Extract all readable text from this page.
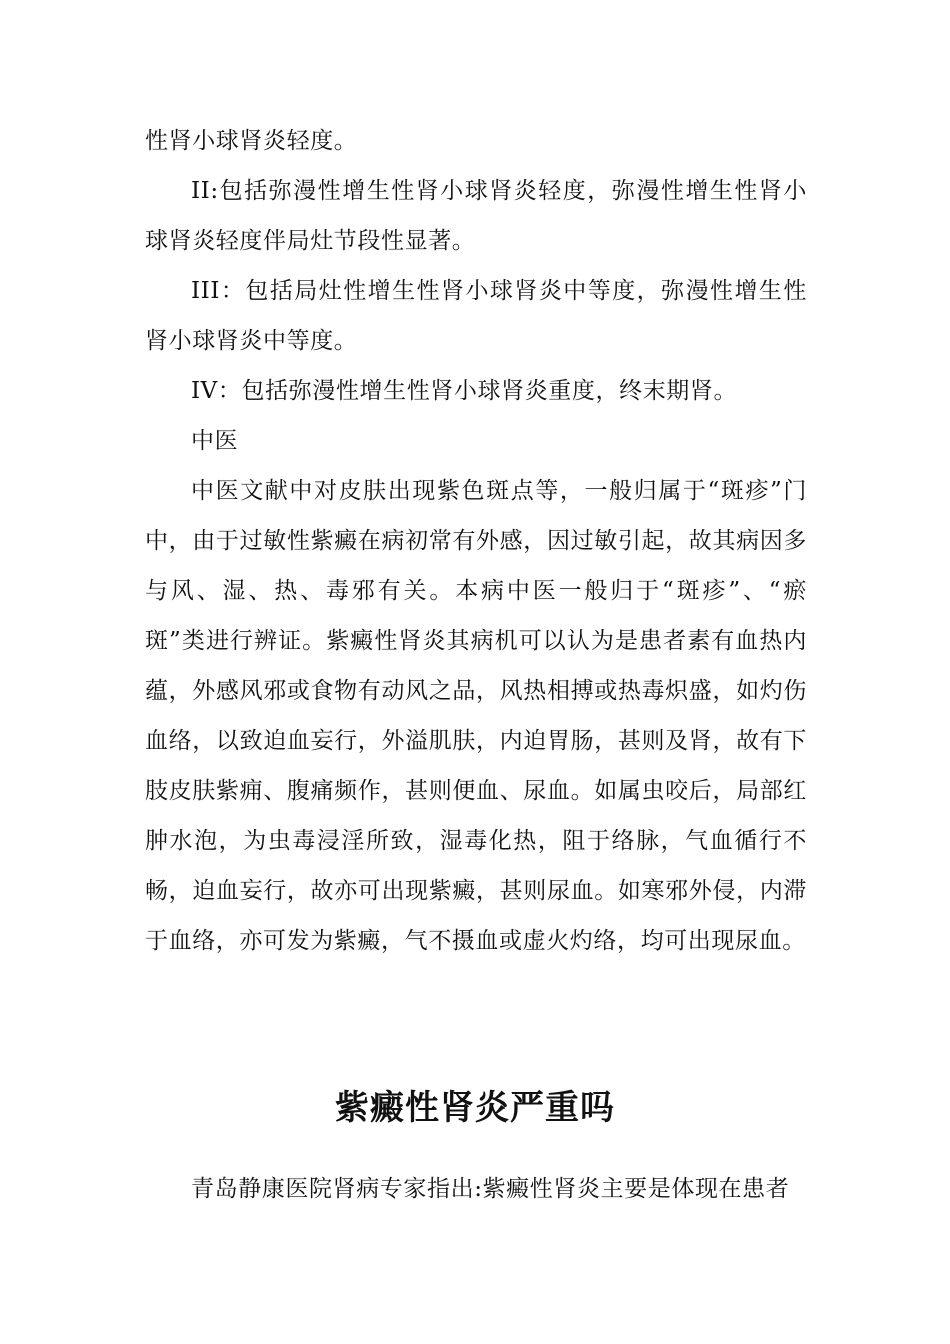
性肾小球肾炎轻度。

II:包括弥漫性增生性肾小球肾炎轻度，弥漫性增生性肾小球肾炎轻度伴局灶节段性显著。

III：包括局灶性增生性肾小球肾炎中等度，弥漫性增生性肾小球肾炎中等度。

IV：包括弥漫性增生性肾小球肾炎重度，终末期肾。

中医

中医文献中对皮肤出现紫色斑点等，一般归属于“斑疹”门中，由于过敏性紫癜在病初常有外感，因过敏引起，故其病因多与风、湿、热、毒邪有关。本病中医一般归于“斑疹”、“瘀斑”类进行辨证。紫癜性肾炎其病机可以认为是患者素有血热内蕴，外感风邪或食物有动风之品，风热相搏或热毒炽盛，如灼伤血络，以致迫血妄行，外溢肌肤，内迫胃肠，甚则及肾，故有下肢皮肤紫痈、腹痛频作，甚则便血、尿血。如属虫咬后，局部红肿水泡，为虫毒浸淫所致，湿毒化热，阻于络脉，气血循行不畅，迫血妄行，故亦可出现紫癜，甚则尿血。如寒邪外侵，内滞于血络，亦可发为紫癜，气不摄血或虚火灼络，均可出现尿血。

紫癜性肾炎严重吗

青岛静康医院肾病专家指出:紫癜性肾炎主要是体现在患者
